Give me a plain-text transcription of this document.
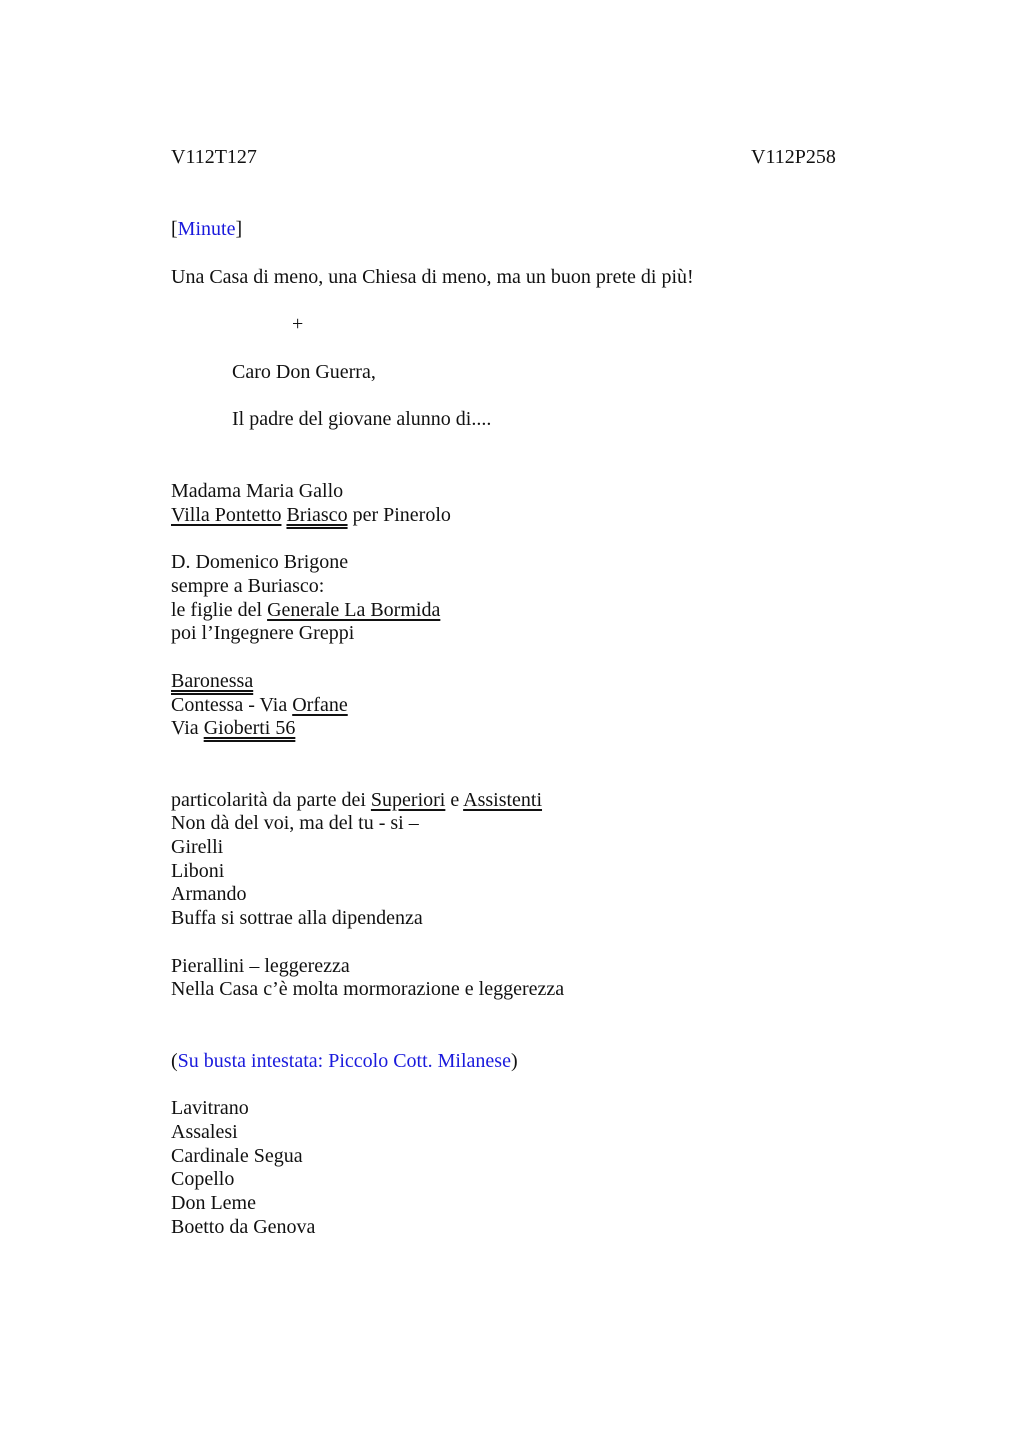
V112T127	V112P258
[Minute]
Una Casa di meno, una Chiesa di meno, ma un buon prete di più!
+
Caro Don Guerra,
Il padre del giovane alunno di....
Madama Maria Gallo
Villa Pontetto Briasco per Pinerolo
D. Domenico Brigone
sempre a Buriasco:
le figlie del Generale La Bormida
poi l’Ingegnere Greppi
Baronessa
Contessa - Via Orfane
Via Gioberti 56
particolarità da parte dei Superiori e Assistenti
Non dà del voi, ma del tu - si –
Girelli
Liboni
Armando
Buffa si sottrae alla dipendenza
Pierallini – leggerezza
Nella Casa c’è molta mormorazione e leggerezza
(Su busta intestata: Piccolo Cott. Milanese)
Lavitrano
Assalesi
Cardinale Segua
Copello
Don Leme
Boetto da Genova
